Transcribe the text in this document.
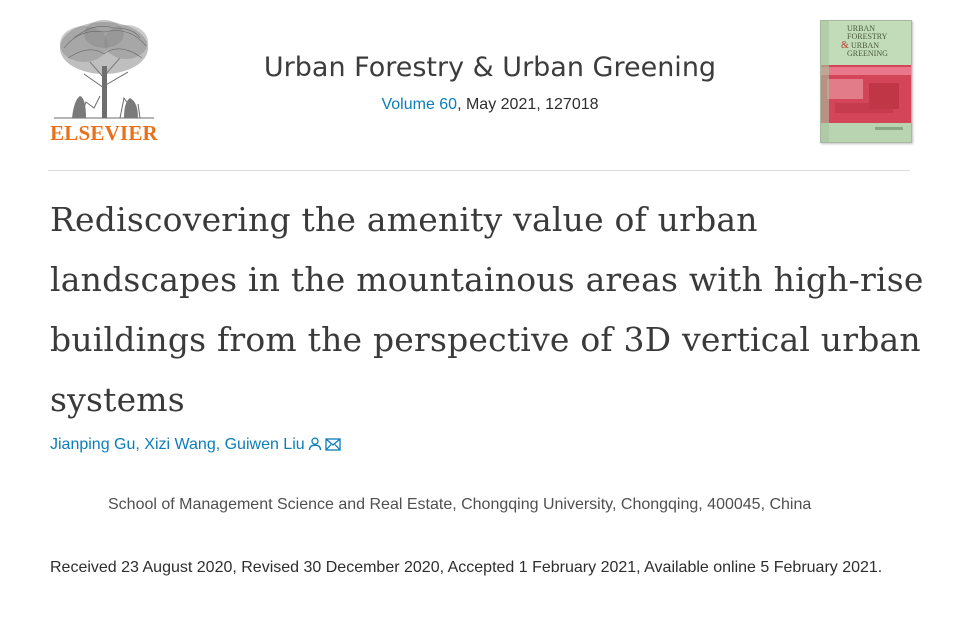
ELSEVIER
Urban Forestry & Urban Greening
Volume 60, May 2021, 127018
URBAN
FORESTRY
& URBAN
GREENING
Rediscovering the amenity value of urban landscapes in the mountainous areas with high-rise buildings from the perspective of 3D vertical urban systems
Jianping Gu, Xizi Wang, Guiwen Liu
School of Management Science and Real Estate, Chongqing University, Chongqing, 400045, China
Received 23 August 2020, Revised 30 December 2020, Accepted 1 February 2021, Available online 5 February 2021.
